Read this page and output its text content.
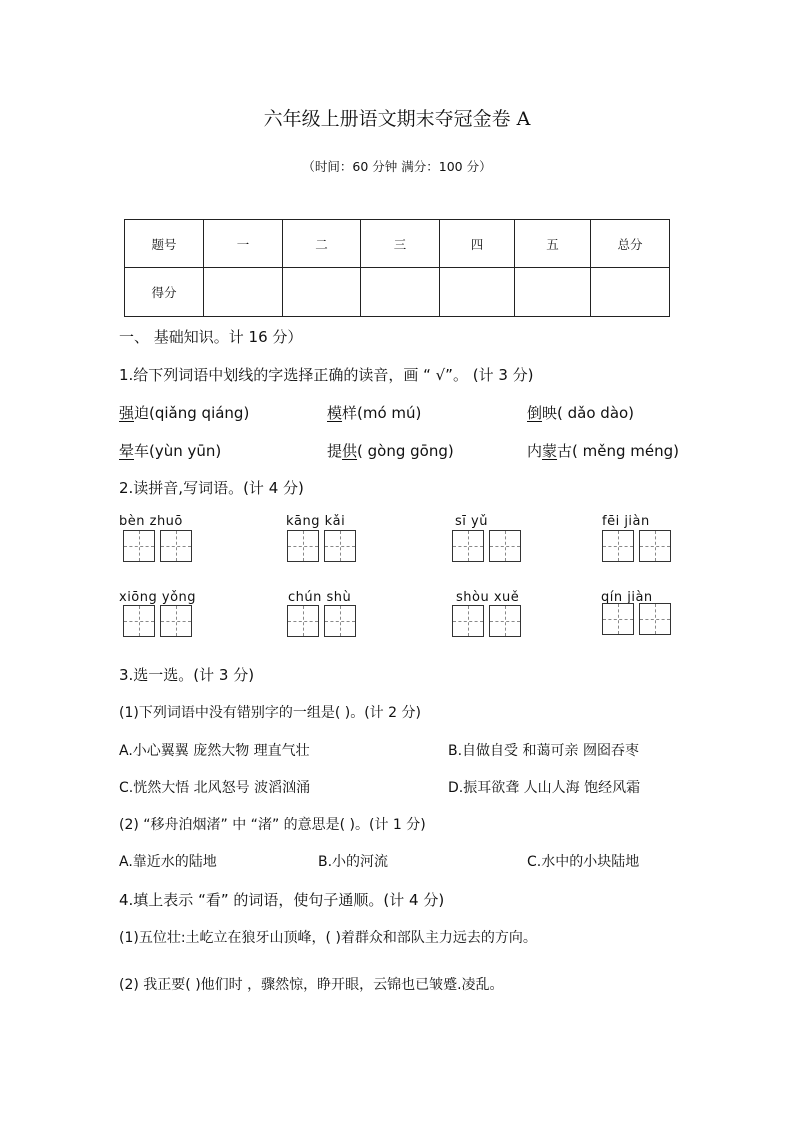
六年级上册语文期末夺冠金卷 A
（时间：60 分钟 满分：100 分）
题号	一	二	三	四	五	总分
得分						
一、 基础知识。计 16 分）
1.给下列词语中划线的字选择正确的读音，画 “ √”。 (计 3 分)
强迫(qiǎng qiáng)	模样(mó mú)	倒映( dǎo dào)
晕车(yùn yūn)	提供( gòng gōng)	内蒙古( měng méng)
2.读拼音,写词语。(计 4 分)
bèn zhuō	kāng kǎi	sī yǔ	fēi jiàn
xiōng yǒng	chún shù	shòu xuě	qín jiàn
3.选一选。(计 3 分)
(1)下列词语中没有错别字的一组是( )。(计 2 分)
A.小心翼翼 庞然大物 理直气壮	B.自做自受 和蔼可亲 囫囵吞枣
C.恍然大悟 北风怒号 波滔汹涌	D.振耳欲聋 人山人海 饱经风霜
(2) “移舟泊烟渚” 中 “渚” 的意思是( )。(计 1 分)
A.靠近水的陆地	B.小的河流	C.水中的小块陆地
4.填上表示 “看” 的词语，使句子通顺。(计 4 分)
(1)五位壮:土屹立在狼牙山顶峰，( )着群众和部队主力远去的方向。
(2) 我正要( )他们时 ，骤然惊，睁开眼，云锦也已皱蹙.凌乱。
